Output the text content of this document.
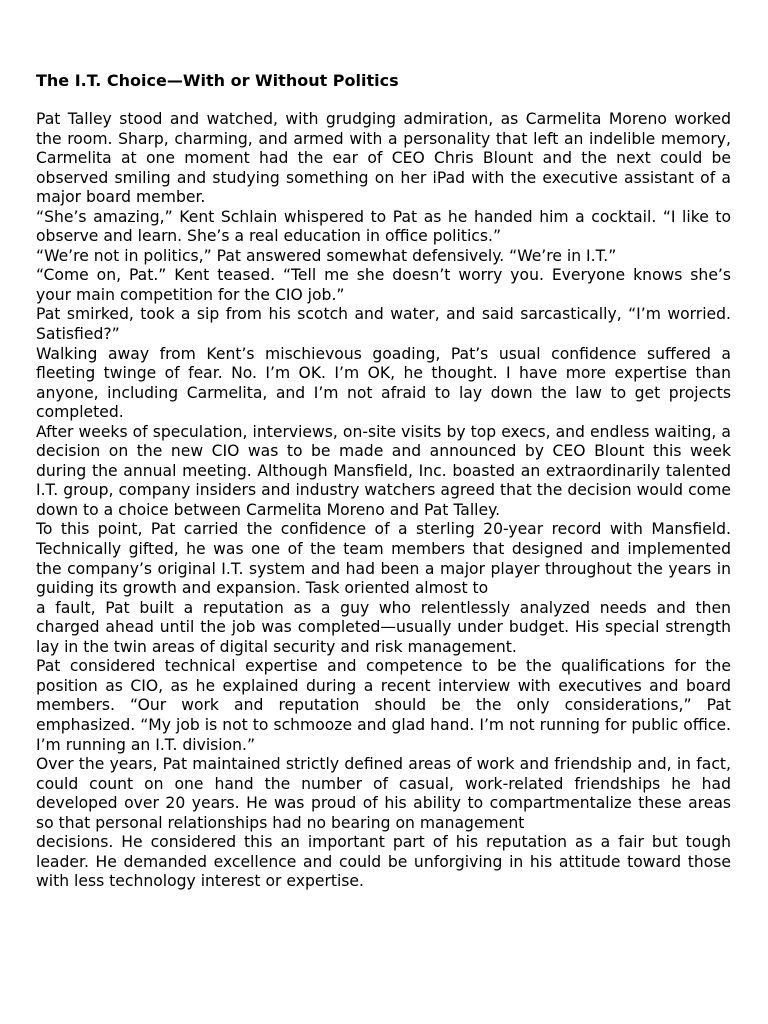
The I.T. Choice—With or Without Politics

Pat Talley stood and watched, with grudging admiration, as Carmelita Moreno worked the room. Sharp, charming, and armed with a personality that left an indelible memory, Carmelita at one moment had the ear of CEO Chris Blount and the next could be observed smiling and studying something on her iPad with the executive assistant of a major board member.

“She’s amazing,” Kent Schlain whispered to Pat as he handed him a cocktail. “I like to observe and learn. She’s a real education in office politics.”

“We’re not in politics,” Pat answered somewhat defensively. “We’re in I.T.”

“Come on, Pat.” Kent teased. “Tell me she doesn’t worry you. Everyone knows she’s your main competition for the CIO job.”

Pat smirked, took a sip from his scotch and water, and said sarcastically, “I’m worried. Satisfied?”

Walking away from Kent’s mischievous goading, Pat’s usual confidence suffered a fleeting twinge of fear. No. I’m OK. I’m OK, he thought. I have more expertise than anyone, including Carmelita, and I’m not afraid to lay down the law to get projects completed.

After weeks of speculation, interviews, on-site visits by top execs, and endless waiting, a decision on the new CIO was to be made and announced by CEO Blount this week during the annual meeting. Although Mansfield, Inc. boasted an extraordinarily talented I.T. group, company insiders and industry watchers agreed that the decision would come down to a choice between Carmelita Moreno and Pat Talley.

To this point, Pat carried the confidence of a sterling 20-year record with Mansfield. Technically gifted, he was one of the team members that designed and implemented the company’s original I.T. system and had been a major player throughout the years in guiding its growth and expansion. Task oriented almost to

a fault, Pat built a reputation as a guy who relentlessly analyzed needs and then charged ahead until the job was completed—usually under budget. His special strength lay in the twin areas of digital security and risk management.

Pat considered technical expertise and competence to be the qualifications for the position as CIO, as he explained during a recent interview with executives and board members. “Our work and reputation should be the only considerations,” Pat emphasized. “My job is not to schmooze and glad hand. I’m not running for public office. I’m running an I.T. division.”

Over the years, Pat maintained strictly defined areas of work and friendship and, in fact, could count on one hand the number of casual, work-related friendships he had developed over 20 years. He was proud of his ability to compartmentalize these areas so that personal relationships had no bearing on management

decisions. He considered this an important part of his reputation as a fair but tough leader. He demanded excellence and could be unforgiving in his attitude toward those with less technology interest or expertise.
